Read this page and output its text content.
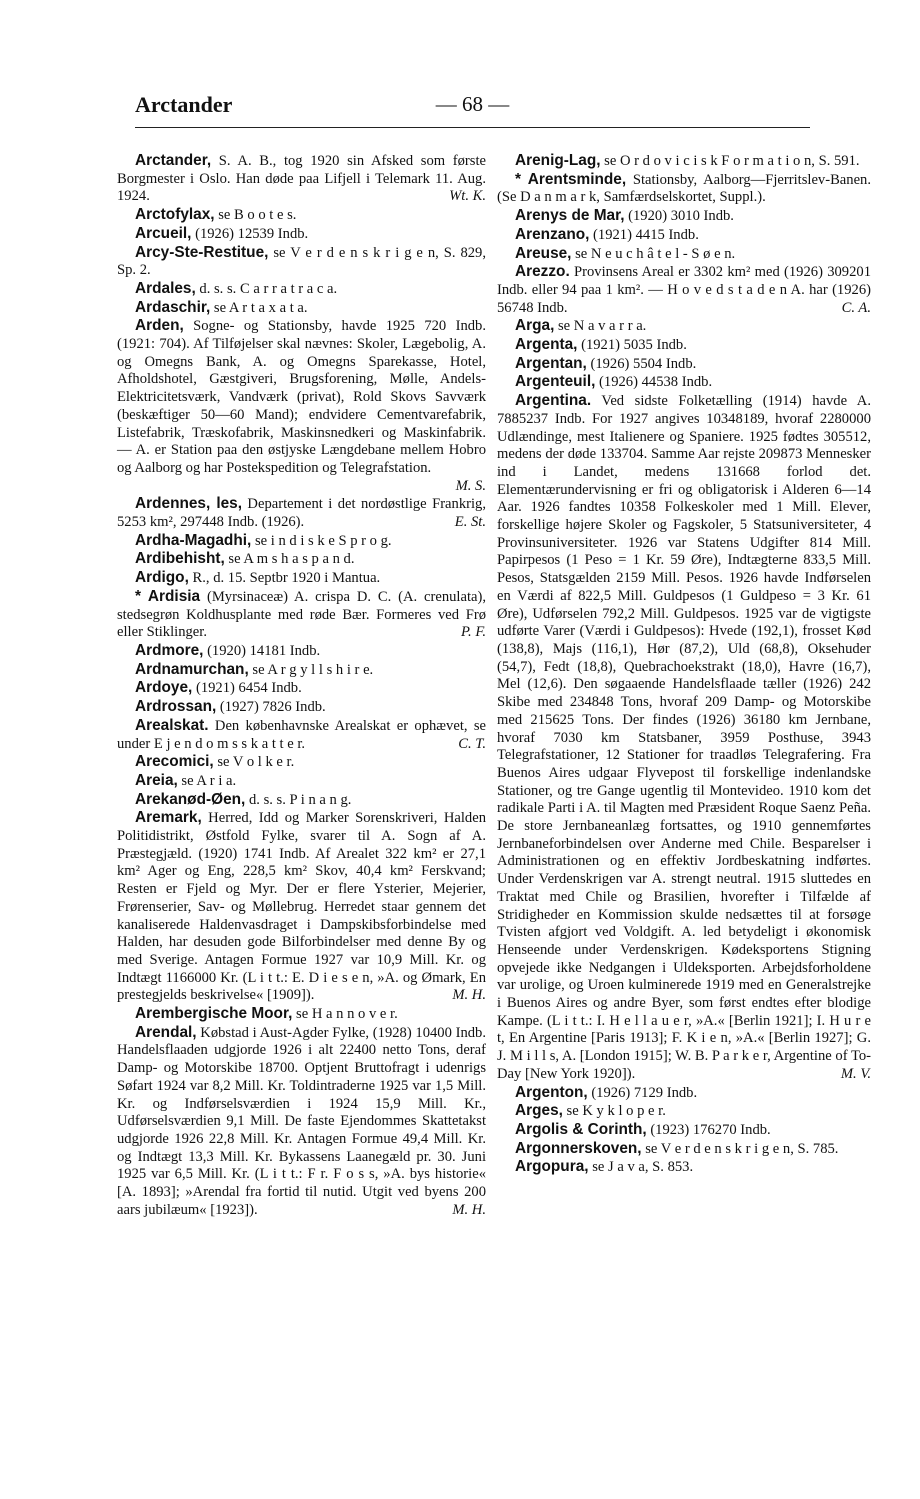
Arctander	— 68 —

Arctander, S. A. B., tog 1920 sin Afsked som første Borgmester i Oslo. Han døde paa Lifjell i Telemark 11. Aug. 1924.	Wt. K.

Arctofylax, se B o o t e s.

Arcueil, (1926) 12539 Indb.

Arcy-Ste-Restitue, se V e r d e n s k r i g e n, S. 829, Sp. 2.

Ardales, d. s. s. C a r r a t r a c a.

Ardaschir, se A r t a x a t a.

Arden, Sogne- og Stationsby, havde 1925 720 Indb. (1921: 704). Af Tilføjelser skal nævnes: Skoler, Lægebolig, A. og Omegns Bank, A. og Omegns Sparekasse, Hotel, Afholdshotel, Gæstgiveri, Brugsforening, Mølle, Andels-Elektricitetsværk, Vandværk (privat), Rold Skovs Savværk (beskæftiger 50—60 Mand); endvidere Cementvarefabrik, Listefabrik, Træskofabrik, Maskinsnedkeri og Maskinfabrik. — A. er Station paa den østjyske Længdebane mellem Hobro og Aalborg og har Postekspedition og Telegrafstation.
M. S.

Ardennes, les, Departement i det nordøstlige Frankrig, 5253 km², 297448 Indb. (1926).	E. St.

Ardha-Magadhi, se i n d i s k e S p r o g.

Ardibehisht, se A m s h a s p a n d.

Ardigo, R., d. 15. Septbr 1920 i Mantua.

* Ardisia (Myrsinaceæ) A. crispa D. C. (A. crenulata), stedsegrøn Koldhusplante med røde Bær. Formeres ved Frø eller Stiklinger.	P. F.

Ardmore, (1920) 14181 Indb.

Ardnamurchan, se A r g y l l s h i r e.

Ardoye, (1921) 6454 Indb.

Ardrossan, (1927) 7826 Indb.

Arealskat. Den københavnske Arealskat er ophævet, se under E j e n d o m s s k a t t e r.	C. T.

Arecomici, se V o l k e r.

Areia, se A r i a.

Arekanød-Øen, d. s. s. P i n a n g.

Aremark, Herred, Idd og Marker Sorenskriveri, Halden Politidistrikt, Østfold Fylke, svarer til A. Sogn af A. Præstegjæld. (1920) 1741 Indb. Af Arealet 322 km² er 27,1 km² Ager og Eng, 228,5 km² Skov, 40,4 km² Ferskvand; Resten er Fjeld og Myr. Der er flere Ysterier, Mejerier, Frørenserier, Sav- og Møllebrug. Herredet staar gennem det kanaliserede Haldenvasdraget i Dampskibsforbindelse med Halden, har desuden gode Bilforbindelser med denne By og med Sverige. Antagen Formue 1927 var 10,9 Mill. Kr. og Indtægt 1166000 Kr. (L i t t.: E. D i e s e n, »A. og Ømark, En prestegjelds beskrivelse« [1909]).	M. H.

Arembergische Moor, se H a n n o v e r.

Arendal, Købstad i Aust-Agder Fylke, (1928) 10400 Indb. Handelsflaaden udgjorde 1926 i alt 22400 netto Tons, deraf Damp- og Motorskibe 18700. Optjent Bruttofragt i udenrigs Søfart 1924 var 8,2 Mill. Kr. Toldintraderne 1925 var 1,5 Mill. Kr. og Indførselsværdien i 1924 15,9 Mill. Kr., Udførselsværdien 9,1 Mill. De faste Ejendommes Skattetakst udgjorde 1926 22,8 Mill. Kr. Antagen Formue 49,4 Mill. Kr. og Indtægt 13,3 Mill. Kr. Bykassens Laanegæld pr. 30. Juni 1925 var 6,5 Mill. Kr. (L i t t.: F r. F o s s, »A. bys historie« [A. 1893]; »Arendal fra fortid til nutid. Utgit ved byens 200 aars jubilæum« [1923]).	M. H.

Arenig-Lag, se O r d o v i c i s k F o r m a t i o n, S. 591.

* Arentsminde, Stationsby, Aalborg—Fjerritslev-Banen. (Se D a n m a r k, Samfærdselskortet, Suppl.).

Arenys de Mar, (1920) 3010 Indb.

Arenzano, (1921) 4415 Indb.

Areuse, se N e u c h â t e l - S ø e n.

Arezzo. Provinsens Areal er 3302 km² med (1926) 309201 Indb. eller 94 paa 1 km². — H o v e d s t a d e n A. har (1926) 56748 Indb.	C. A.

Arga, se N a v a r r a.

Argenta, (1921) 5035 Indb.

Argentan, (1926) 5504 Indb.

Argenteuil, (1926) 44538 Indb.

Argentina. Ved sidste Folketælling (1914) havde A. 7885237 Indb. For 1927 angives 10348189, hvoraf 2280000 Udlændinge, mest Italienere og Spaniere. 1925 fødtes 305512, medens der døde 133704. Samme Aar rejste 209873 Mennesker ind i Landet, medens 131668 forlod det. Elementærundervisning er fri og obligatorisk i Alderen 6—14 Aar. 1926 fandtes 10358 Folkeskoler med 1 Mill. Elever, forskellige højere Skoler og Fagskoler, 5 Statsuniversiteter, 4 Provinsuniversiteter. 1926 var Statens Udgifter 814 Mill. Papirpesos (1 Peso = 1 Kr. 59 Øre), Indtægterne 833,5 Mill. Pesos, Statsgælden 2159 Mill. Pesos. 1926 havde Indførselen en Værdi af 822,5 Mill. Guldpesos (1 Guldpeso = 3 Kr. 61 Øre), Udførselen 792,2 Mill. Guldpesos. 1925 var de vigtigste udførte Varer (Værdi i Guldpesos): Hvede (192,1), frosset Kød (138,8), Majs (116,1), Hør (87,2), Uld (68,8), Oksehuder (54,7), Fedt (18,8), Quebrachoekstrakt (18,0), Havre (16,7), Mel (12,6). Den søgaaende Handelsflaade tæller (1926) 242 Skibe med 234848 Tons, hvoraf 209 Damp- og Motorskibe med 215625 Tons. Der findes (1926) 36180 km Jernbane, hvoraf 7030 km Statsbaner, 3959 Posthuse, 3943 Telegrafstationer, 12 Stationer for traadløs Telegrafering. Fra Buenos Aires udgaar Flyvepost til forskellige indenlandske Stationer, og tre Gange ugentlig til Montevideo. 1910 kom det radikale Parti i A. til Magten med Præsident Roque Saenz Peña. De store Jernbaneanlæg fortsattes, og 1910 gennemførtes Jernbaneforbindelsen over Anderne med Chile. Besparelser i Administrationen og en effektiv Jordbeskatning indførtes. Under Verdenskrigen var A. strengt neutral. 1915 sluttedes en Traktat med Chile og Brasilien, hvorefter i Tilfælde af Stridigheder en Kommission skulde nedsættes til at forsøge Tvisten afgjort ved Voldgift. A. led betydeligt i økonomisk Henseende under Verdenskrigen. Kødeksportens Stigning opvejede ikke Nedgangen i Uldeksporten. Arbejdsforholdene var urolige, og Uroen kulminerede 1919 med en Generalstrejke i Buenos Aires og andre Byer, som først endtes efter blodige Kampe. (L i t t.: I. H e l l a u e r, »A.« [Berlin 1921]; I. H u r e t, En Argentine [Paris 1913]; F. K i e n, »A.« [Berlin 1927]; G. J. M i l l s, A. [London 1915]; W. B. P a r k e r, Argentine of To-Day [New York 1920]).	M. V.

Argenton, (1926) 7129 Indb.

Arges, se K y k l o p e r.

Argolis & Corinth, (1923) 176270 Indb.

Argonnerskoven, se V e r d e n s k r i g e n, S. 785.

Argopura, se J a v a, S. 853.
